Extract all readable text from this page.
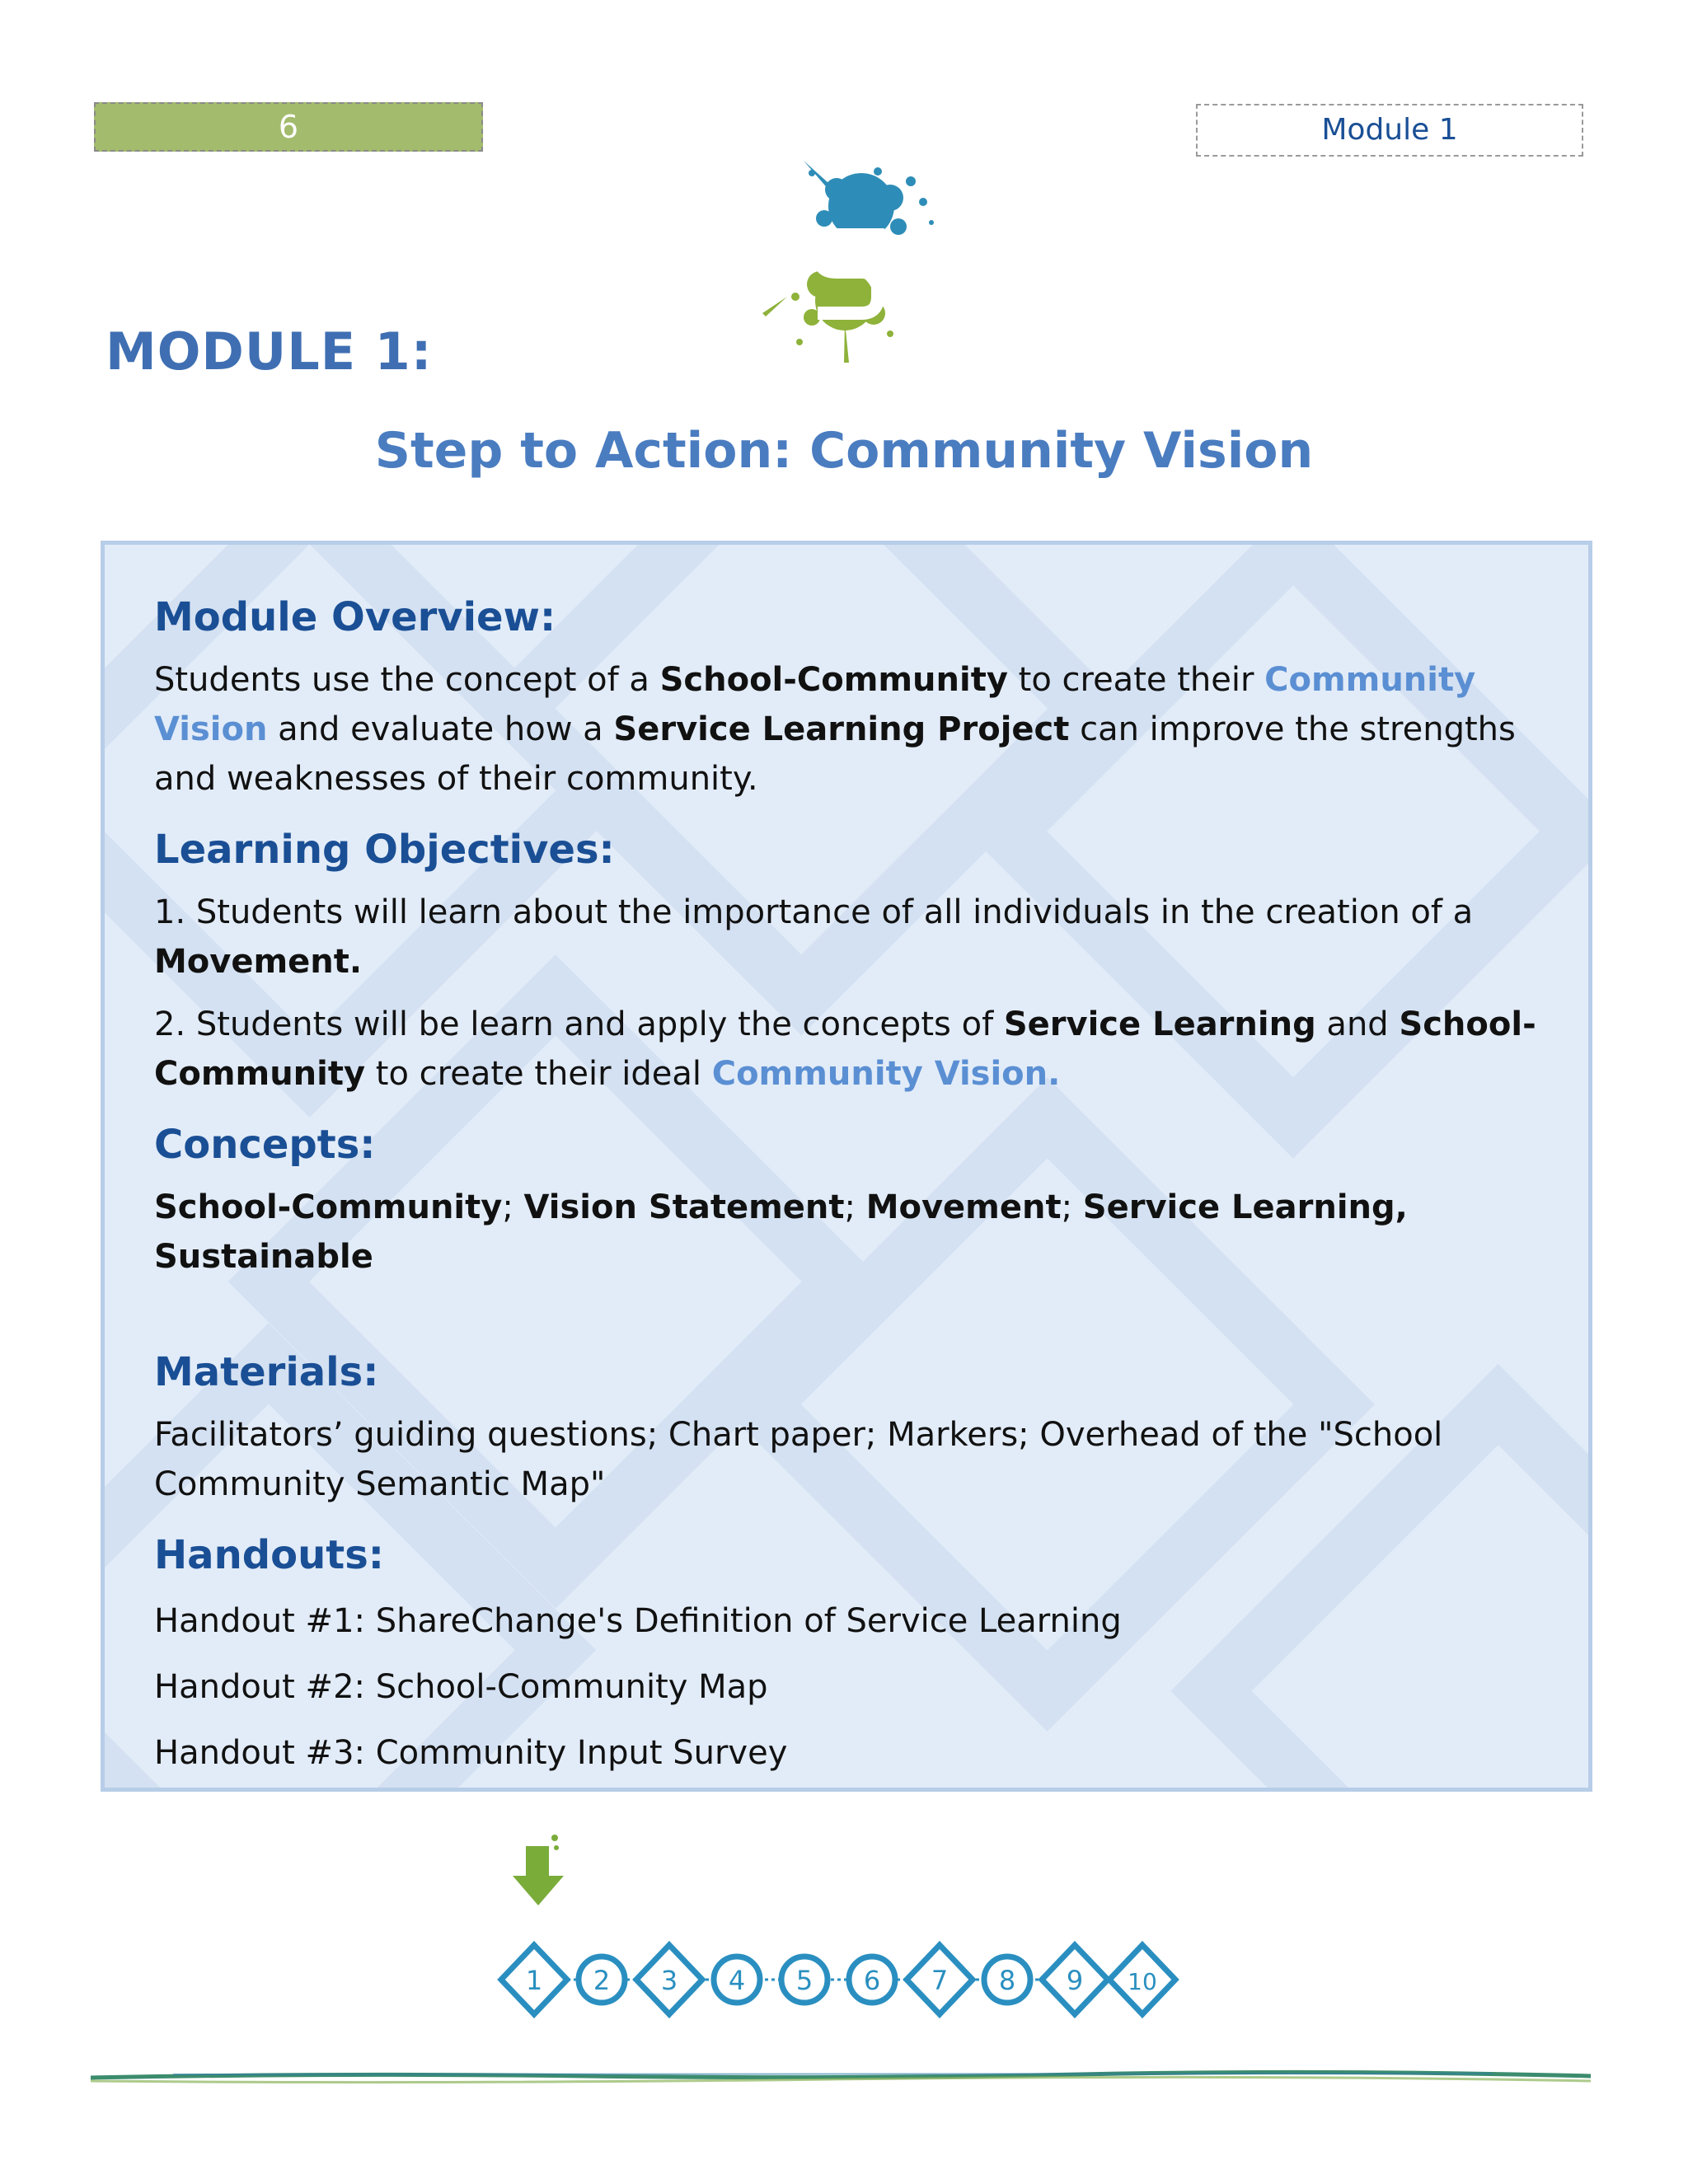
6	Module 1
MODULE 1:
Step to Action: Community Vision
Module Overview:

Students use the concept of a School-Community to create their Community Vision and evaluate how a Service Learning Project can improve the strengths and weaknesses of their community.

Learning Objectives:

1. Students will learn about the importance of all individuals in the creation of a Movement.

2. Students will be learn and apply the concepts of Service Learning and School-Community to create their ideal Community Vision.

Concepts:

School-Community; Vision Statement; Movement; Service Learning, Sustainable

Materials:

Facilitators’ guiding questions; Chart paper; Markers; Overhead of the "School Community Semantic Map"

Handouts:

Handout #1: ShareChange's Definition of Service Learning

Handout #2: School-Community Map

Handout #3: Community Input Survey

1 2 3 4 5 6 7 8 9 10
